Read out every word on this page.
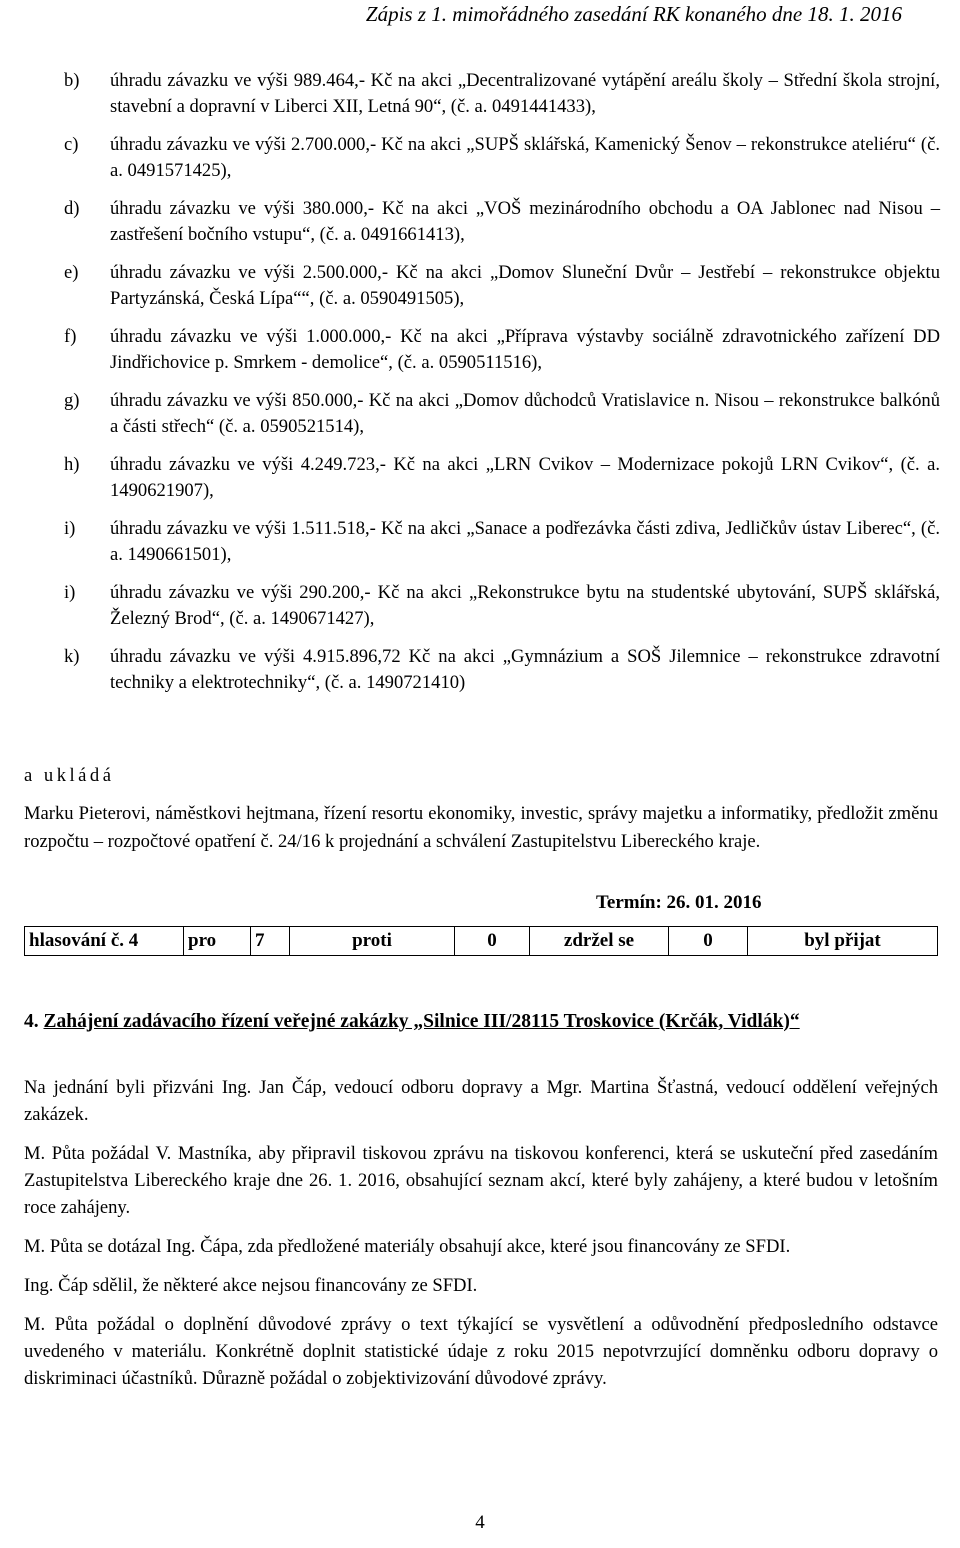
Zápis z 1. mimořádného zasedání RK konaného dne 18. 1. 2016
b)	úhradu závazku ve výši 989.464,- Kč na akci „Decentralizované vytápění areálu školy – Střední škola strojní, stavební a dopravní v Liberci XII, Letná 90“, (č. a. 0491441433),
c)	úhradu závazku ve výši 2.700.000,- Kč na akci „SUPŠ sklářská, Kamenický Šenov – rekonstrukce ateliéru“ (č. a. 0491571425),
d)	úhradu závazku ve výši 380.000,- Kč na akci „VOŠ mezinárodního obchodu a OA Jablonec nad Nisou – zastřešení bočního vstupu“, (č. a. 0491661413),
e)	úhradu závazku ve výši 2.500.000,- Kč na akci „Domov Sluneční Dvůr – Jestřebí – rekonstrukce objektu Partyzánská, Česká Lípa““, (č. a. 0590491505),
f)	úhradu závazku ve výši 1.000.000,- Kč na akci „Příprava výstavby sociálně zdravotnického zařízení DD Jindřichovice p. Smrkem - demolice“, (č. a. 0590511516),
g)	úhradu závazku ve výši 850.000,- Kč na akci „Domov důchodců Vratislavice n. Nisou – rekonstrukce balkónů a části střech“ (č. a. 0590521514),
h)	úhradu závazku ve výši 4.249.723,- Kč na akci „LRN Cvikov – Modernizace pokojů LRN Cvikov“, (č. a. 1490621907),
i)	úhradu závazku ve výši 1.511.518,- Kč na akci „Sanace a podřezávka části zdiva, Jedličkův ústav Liberec“, (č. a. 1490661501),
i)	úhradu závazku ve výši 290.200,- Kč na akci „Rekonstrukce bytu na studentské ubytování, SUPŠ sklářská, Železný Brod“, (č. a. 1490671427),
k)	úhradu závazku ve výši 4.915.896,72 Kč na akci „Gymnázium a SOŠ Jilemnice – rekonstrukce zdravotní techniky a elektrotechniky“, (č. a. 1490721410)
a ukládá
Marku Pieterovi, náměstkovi hejtmana, řízení resortu ekonomiky, investic, správy majetku a informatiky, předložit změnu rozpočtu – rozpočtové opatření č. 24/16 k projednání a schválení Zastupitelstvu Libereckého kraje.
Termín: 26. 01. 2016
hlasování č. 4	pro	7	proti	0	zdržel se	0	byl přijat
4. Zahájení zadávacího řízení veřejné zakázky „Silnice III/28115 Troskovice (Krčák, Vidlák)“

Na jednání byli přizváni Ing. Jan Čáp, vedoucí odboru dopravy a Mgr. Martina Šťastná, vedoucí oddělení veřejných zakázek.

M. Půta požádal V. Mastníka, aby připravil tiskovou zprávu na tiskovou konferenci, která se uskuteční před zasedáním Zastupitelstva Libereckého kraje dne 26. 1. 2016, obsahující seznam akcí, které byly zahájeny, a které budou v letošním roce zahájeny.

M. Půta se dotázal Ing. Čápa, zda předložené materiály obsahují akce, které jsou financovány ze SFDI.

Ing. Čáp sdělil, že některé akce nejsou financovány ze SFDI.

M. Půta požádal o doplnění důvodové zprávy o text týkající se vysvětlení a odůvodnění předposledního odstavce uvedeného v materiálu. Konkrétně doplnit statistické údaje z roku 2015 nepotvrzující domněnku odboru dopravy o diskriminaci účastníků. Důrazně požádal o zobjektivizování důvodové zprávy.

4
